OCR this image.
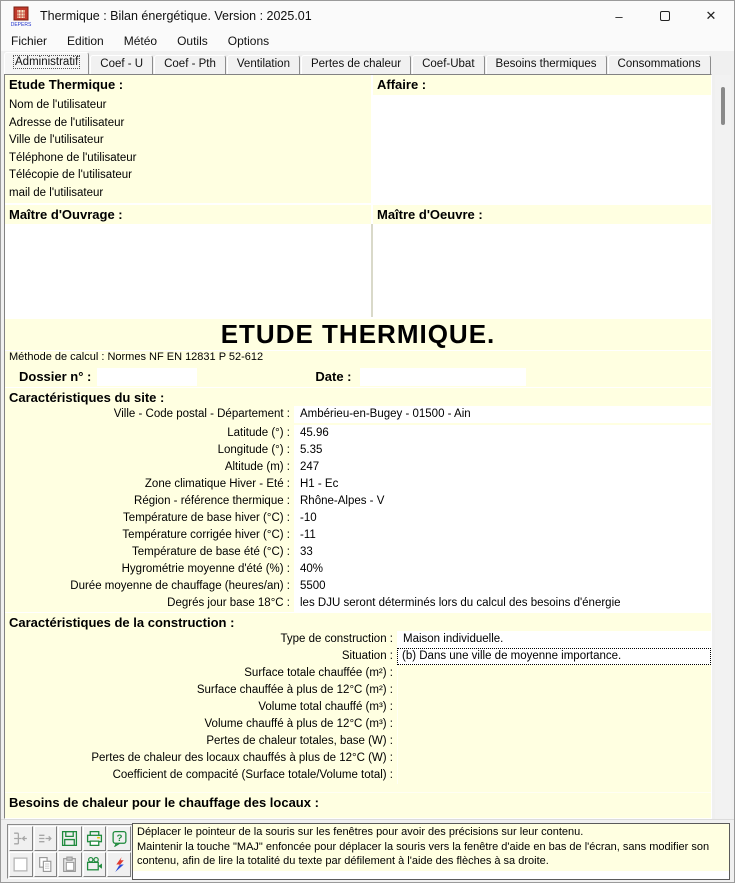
DEPERS
Thermique : Bilan énergétique. Version : 2025.01	–	✕
Fichier	Edition	Météo	Outils	Options
Administratif	Coef - U	Coef - Pth	Ventilation	Pertes de chaleur	Coef-Ubat	Besoins thermiques	Consommations
Etude Thermique :	Affaire :
Nom de l'utilisateur
Adresse de l'utilisateur
Ville de l'utilisateur
Téléphone de l'utilisateur
Télécopie de l'utilisateur
mail de l'utilisateur
Maître d'Ouvrage :	Maître d'Oeuvre :
ETUDE THERMIQUE.
Méthode de calcul : Normes NF EN 12831 P 52-612
Dossier n° :	Date :
Caractéristiques du site :
Ville - Code postal - Département : Ambérieu-en-Bugey - 01500 - Ain
Latitude (°) : 45.96
Longitude (°) : 5.35
Altitude (m) : 247
Zone climatique Hiver - Eté : H1 - Ec
Région - référence thermique : Rhône-Alpes - V
Température de base hiver (°C) : -10
Température corrigée hiver (°C) : -11
Température de base été (°C) : 33
Hygrométrie moyenne d'été (%) : 40%
Durée moyenne de chauffage (heures/an) : 5500
Degrés jour base 18°C : les DJU seront déterminés lors du calcul des besoins d'énergie
Caractéristiques de la construction :
Type de construction : Maison individuelle.
Situation : (b) Dans une ville de moyenne importance.
Surface totale chauffée (m²) :
Surface chauffée à plus de 12°C (m²) :
Volume total chauffé (m³) :
Volume chauffé à plus de 12°C (m³) :
Pertes de chaleur totales, base (W) :
Pertes de chaleur des locaux chauffés à plus de 12°C (W) :
Coefficient de compacité (Surface totale/Volume total) :
Besoins de chaleur pour le chauffage des locaux :
?
Déplacer le pointeur de la souris sur les fenêtres pour avoir des précisions sur leur contenu.
Maintenir la touche "MAJ" enfoncée pour déplacer la souris vers la fenêtre d'aide en bas de l'écran, sans modifier son contenu, afin de lire la totalité du texte par défilement à l'aide des flèches à sa droite.
